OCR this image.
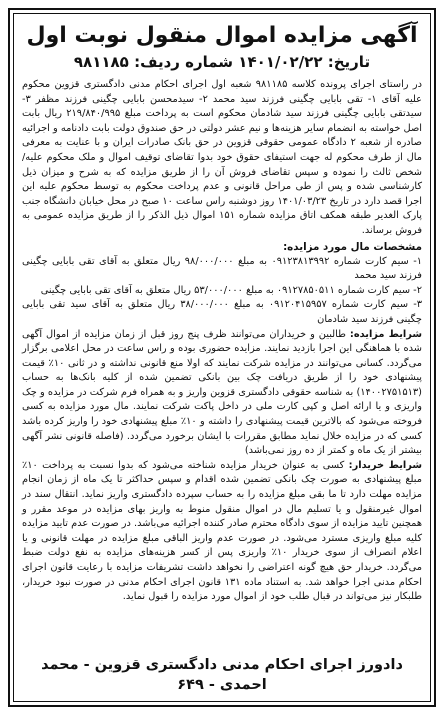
آگهی مزایده اموال منقول نوبت اول
تاریخ: ۱۴۰۱/۰۲/۲۲ شماره ردیف: ۹۸۱۱۸۵

در راستای اجرای پرونده کلاسه ۹۸۱۱۸۵ شعبه اول اجرای احکام مدنی دادگستری قزوین محکوم علیه آقای ۱- تقی بابایی چگینی فرزند سید محمد ۲- سیدمحسن بابایی چگینی فرزند مظفر ۳- سیدتقی بابایی چگینی فرزند سید شادمان محکوم است به پرداخت مبلغ ۲۱۹/۸۴۰/۹۹۵ ریال بابت اصل خواسته به انضمام سایر هزینه‌ها و نیم عشر دولتی در حق صندوق دولت بابت دادنامه و اجرائیه صادره از شعبه ۲ دادگاه عمومی حقوقی قزوین در حق بانک صادرات ایران و با عنایت به معرفی مال از طرف محکوم له جهت استیفای حقوق خود بدوا تقاضای توقیف اموال و ملک محکوم علیه/شخص ثالث را نموده و سپس تقاضای فروش آن را از طریق مزایده که به شرح و میزان ذیل کارشناسی شده و پس از طی مراحل قانونی و عدم پرداخت محکوم به توسط محکوم علیه این اجرا قصد دارد در تاریخ ۱۴۰۱/۰۳/۲۳ روز دوشنبه راس ساعت ۱۰ صبح در محل خیابان دانشگاه جنب پارک الغدیر طبقه همکف اتاق مزایده شماره ۱۵۱ اموال ذیل الذکر را از طریق مزایده عمومی به فروش برساند.

مشخصات مال مورد مزایده:
۱- سیم کارت شماره ۰۹۱۲۳۸۱۳۹۹۲ به مبلغ ۹۸/۰۰۰/۰۰۰ ریال متعلق به آقای تقی بابایی چگینی فرزند سید محمد
۲- سیم کارت شماره ۰۹۱۲۷۸۵۰۵۱۱ به مبلغ ۵۳/۰۰۰/۰۰۰ ریال متعلق به آقای تقی بابایی چگینی
۳- سیم کارت شماره ۰۹۱۲۰۴۱۵۹۵۷ به مبلغ ۳۸/۰۰۰/۰۰۰ ریال متعلق به آقای سید تقی بابایی چگینی فرزند سید شادمان

شرایط مزایده: طالبین و خریداران می‌توانند ظرف پنج روز قبل از زمان مزایده از اموال آگهی شده با هماهنگی این اجرا بازدید نمایند. مزایده حضوری بوده و راس ساعت در محل اعلامی برگزار می‌گردد. کسانی می‌توانند در مزایده شرکت نمایند که اولا منع قانونی نداشته و در ثانی ۱۰٪ قیمت پیشنهادی خود را از طریق دریافت چک بین بانکی تضمین شده از کلیه بانک‌ها به حساب (۱۴۰۰۲۷۵۱۵۱۳) به شناسه حقوقی دادگستری قزوین واریز و به همراه فرم شرکت در مزایده و چک واریزی و یا ارائه اصل و کپی کارت ملی در داخل پاکت شرکت نمایند. مال مورد مزایده به کسی فروخته می‌شود که بالاترین قیمت پیشنهادی را داشته و ۱۰٪ مبلغ پیشنهادی خود را واریز کرده باشد کسی که در مزایده خلال نماید مطابق مقررات با ایشان برخورد می‌گردد. (فاصله قانونی نشر آگهی بیشتر از یک ماه و کمتر از ده روز نمی‌باشد)

شرایط خریدار: کسی به عنوان خریدار مزایده شناخته می‌شود که بدوا نسبت به پرداخت ۱۰٪ مبلغ پیشنهادی به صورت چک بانکی تضمین شده اقدام و سپس حداکثر تا یک ماه از زمان انجام مزایده مهلت دارد تا ما بقی مبلغ مزایده را به حساب سپرده دادگستری واریز نماید. انتقال سند در اموال غیرمنقول و یا تسلیم مال در اموال منقول منوط به واریز بهای مزایده در موعد مقرر و همچنین تایید مزایده از سوی دادگاه محترم صادر کننده اجرائیه می‌باشد. در صورت عدم تایید مزایده کلیه مبلغ واریزی مسترد می‌شود. در صورت عدم واریز الباقی مبلغ مزایده در مهلت قانونی و یا اعلام انصراف از سوی خریدار ۱۰٪ واریزی پس از کسر هزینه‌های مزایده به نفع دولت ضبط می‌گردد. خریدار حق هیچ گونه اعتراضی را نخواهد داشت تشریفات مزایده با رعایت قانون اجرای احکام مدنی اجرا خواهد شد. به استناد ماده ۱۳۱ قانون اجرای احکام مدنی در صورت نبود خریدار، طلبکار نیز می‌تواند در قبال طلب خود از اموال مورد مزایده را قبول نماید.

دادورز اجرای احکام مدنی دادگستری قزوین - محمد احمدی - ۶۴۹
